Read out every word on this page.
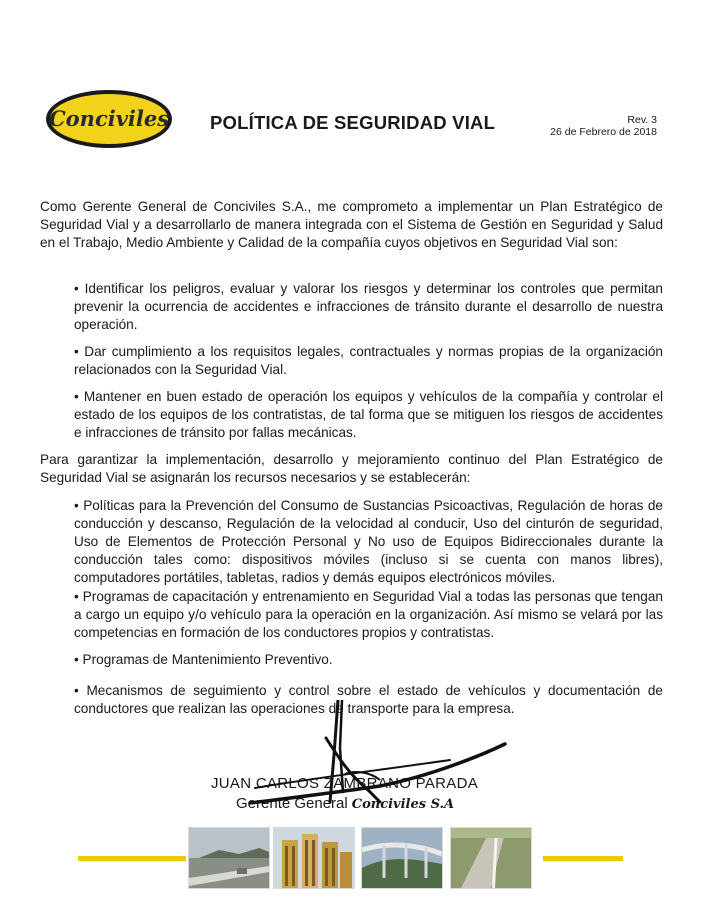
Conciviles POLÍTICA DE SEGURIDAD VIAL	Rev. 3
26 de Febrero de 2018
Como Gerente General de Conciviles S.A., me comprometo a implementar un Plan Estratégico de Seguridad Vial y a desarrollarlo de manera integrada con el Sistema de Gestión en Seguridad y Salud en el Trabajo, Medio Ambiente y Calidad de la compañía cuyos objetivos en Seguridad Vial son:
• Identificar los peligros, evaluar y valorar los riesgos y determinar los controles que permitan prevenir la ocurrencia de accidentes e infracciones de tránsito durante el desarrollo de nuestra operación.
• Dar cumplimiento a los requisitos legales, contractuales y normas propias de la organización relacionados con la Seguridad Vial.
• Mantener en buen estado de operación los equipos y vehículos de la compañía y controlar el estado de los equipos de los contratistas, de tal forma que se mitiguen los riesgos de accidentes e infracciones de tránsito por fallas mecánicas.
Para garantizar la implementación, desarrollo y mejoramiento continuo del Plan Estratégico de Seguridad Vial se asignarán los recursos necesarios y se establecerán:
• Políticas para la Prevención del Consumo de Sustancias Psicoactivas, Regulación de horas de conducción y descanso, Regulación de la velocidad al conducir, Uso del cinturón de seguridad, Uso de Elementos de Protección Personal y No uso de Equipos Bidireccionales durante la conducción tales como: dispositivos móviles (incluso si se cuenta con manos libres), computadores portátiles, tabletas, radios y demás equipos electrónicos móviles.
• Programas de capacitación y entrenamiento en Seguridad Vial a todas las personas que tengan a cargo un equipo y/o vehículo para la operación en la organización. Así mismo se velará por las competencias en formación de los conductores propios y contratistas.
• Programas de Mantenimiento Preventivo.
• Mecanismos de seguimiento y control sobre el estado de vehículos y documentación de conductores que realizan las operaciones de transporte para la empresa.
JUAN CARLOS ZAMBRANO PARADA
Gerente General Conciviles S.A
